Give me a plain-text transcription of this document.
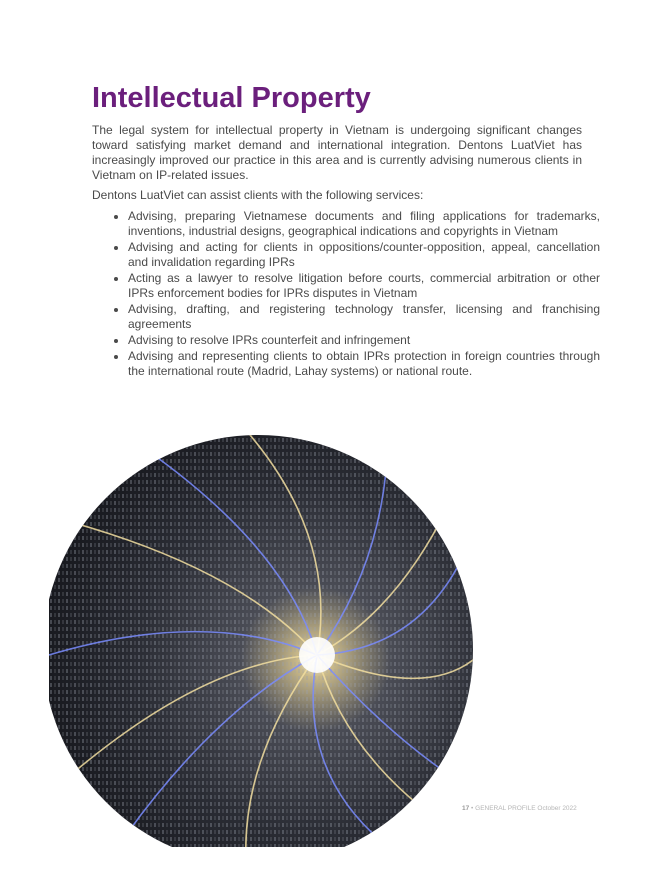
Intellectual Property

The legal system for intellectual property in Vietnam is undergoing significant changes toward satisfying market demand and international integration. Dentons LuatViet has increasingly improved our practice in this area and is currently advising numerous clients in Vietnam on IP-related issues.

Dentons LuatViet can assist clients with the following services:

• Advising, preparing Vietnamese documents and filing applications for trademarks, inventions, industrial designs, geographical indications and copyrights in Vietnam
• Advising and acting for clients in oppositions/counter-opposition, appeal, cancellation and invalidation regarding IPRs
• Acting as a lawyer to resolve litigation before courts, commercial arbitration or other IPRs enforcement bodies for IPRs disputes in Vietnam
• Advising, drafting, and registering technology transfer, licensing and franchising agreements
• Advising to resolve IPRs counterfeit and infringement
• Advising and representing clients to obtain IPRs protection in foreign countries through the international route (Madrid, Lahay systems) or national route.
17 • GENERAL PROFILE October 2022
